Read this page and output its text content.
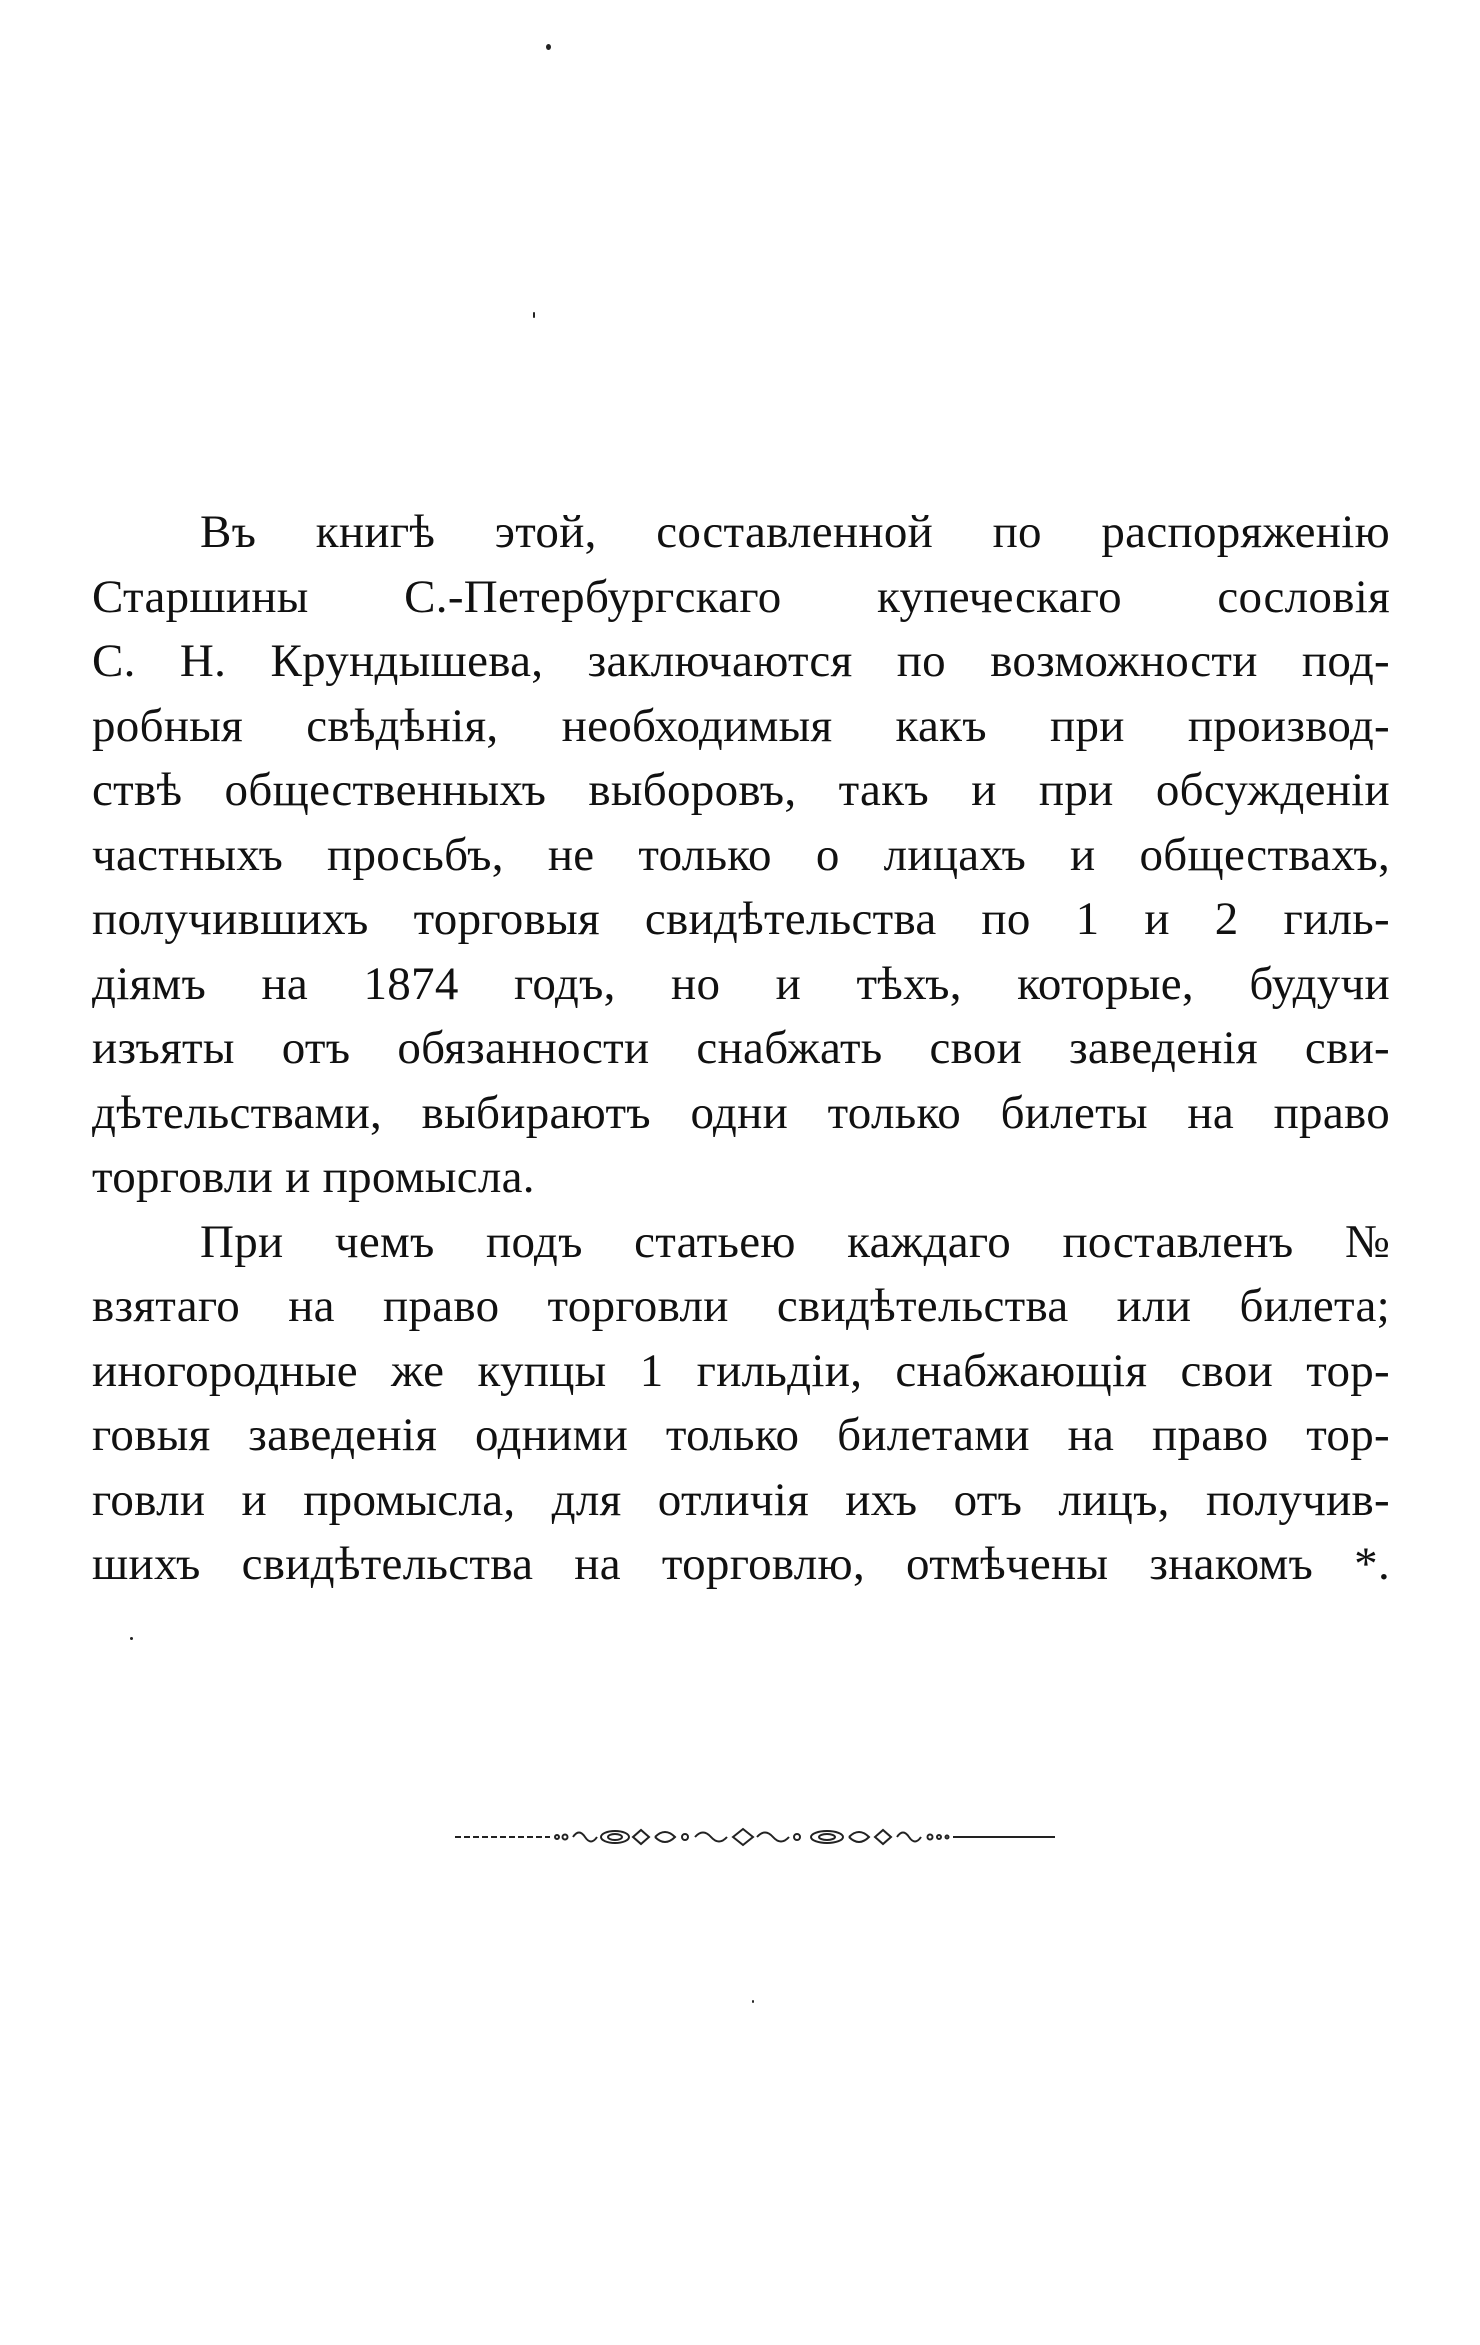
Въ книгѣ этой, составленной по распоряженію
Старшины С.-Петербургскаго купеческаго сословія
С. Н. Крундышева, заключаются по возможности под-
робныя свѣдѣнія, необходимыя какъ при производ-
ствѣ общественныхъ выборовъ, такъ и при обсужденіи
частныхъ просьбъ, не только о лицахъ и обществахъ,
получившихъ торговыя свидѣтельства по 1 и 2 гиль-
діямъ на 1874 годъ, но и тѣхъ, которые, будучи
изъяты отъ обязанности снабжать свои заведенія сви-
дѣтельствами, выбираютъ одни только билеты на право
торговли и промысла.
При чемъ подъ статьею каждаго поставленъ №
взятаго на право торговли свидѣтельства или билета;
иногородные же купцы 1 гильдіи, снабжающія свои тор-
говыя заведенія одними только билетами на право тор-
говли и промысла, для отличія ихъ отъ лицъ, получив-
шихъ свидѣтельства на торговлю, отмѣчены знакомъ *.
